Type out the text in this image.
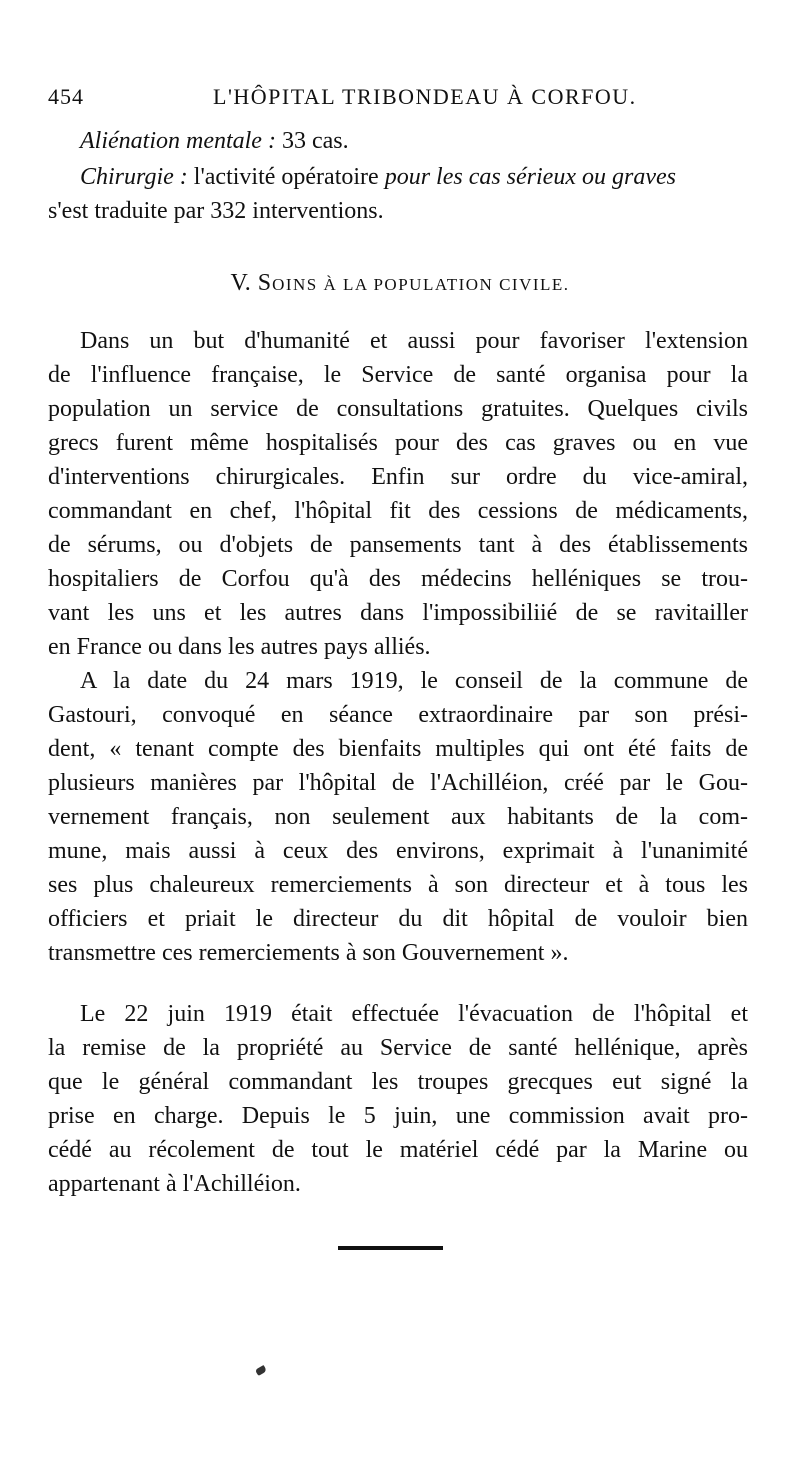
454	L'HÔPITAL TRIBONDEAU À CORFOU.
Aliénation mentale : 33 cas.
Chirurgie : l'activité opératoire pour les cas sérieux ou graves
s'est traduite par 332 interventions.
V. SOINS À LA POPULATION CIVILE.
Dans un but d'humanité et aussi pour favoriser l'extension
de l'influence française, le Service de santé organisa pour la
population un service de consultations gratuites. Quelques civils
grecs furent même hospitalisés pour des cas graves ou en vue
d'interventions chirurgicales. Enfin sur ordre du vice-amiral,
commandant en chef, l'hôpital fit des cessions de médicaments,
de sérums, ou d'objets de pansements tant à des établissements
hospitaliers de Corfou qu'à des médecins helléniques se trou-
vant les uns et les autres dans l'impossibiliié de se ravitailler
en France ou dans les autres pays alliés.
A la date du 24 mars 1919, le conseil de la commune de
Gastouri, convoqué en séance extraordinaire par son prési-
dent, « tenant compte des bienfaits multiples qui ont été faits de
plusieurs manières par l'hôpital de l'Achilléion, créé par le Gou-
vernement français, non seulement aux habitants de la com-
mune, mais aussi à ceux des environs, exprimait à l'unanimité
ses plus chaleureux remerciements à son directeur et à tous les
officiers et priait le directeur du dit hôpital de vouloir bien
transmettre ces remerciements à son Gouvernement ».
Le 22 juin 1919 était effectuée l'évacuation de l'hôpital et
la remise de la propriété au Service de santé hellénique, après
que le général commandant les troupes grecques eut signé la
prise en charge. Depuis le 5 juin, une commission avait pro-
cédé au récolement de tout le matériel cédé par la Marine ou
appartenant à l'Achilléion.
